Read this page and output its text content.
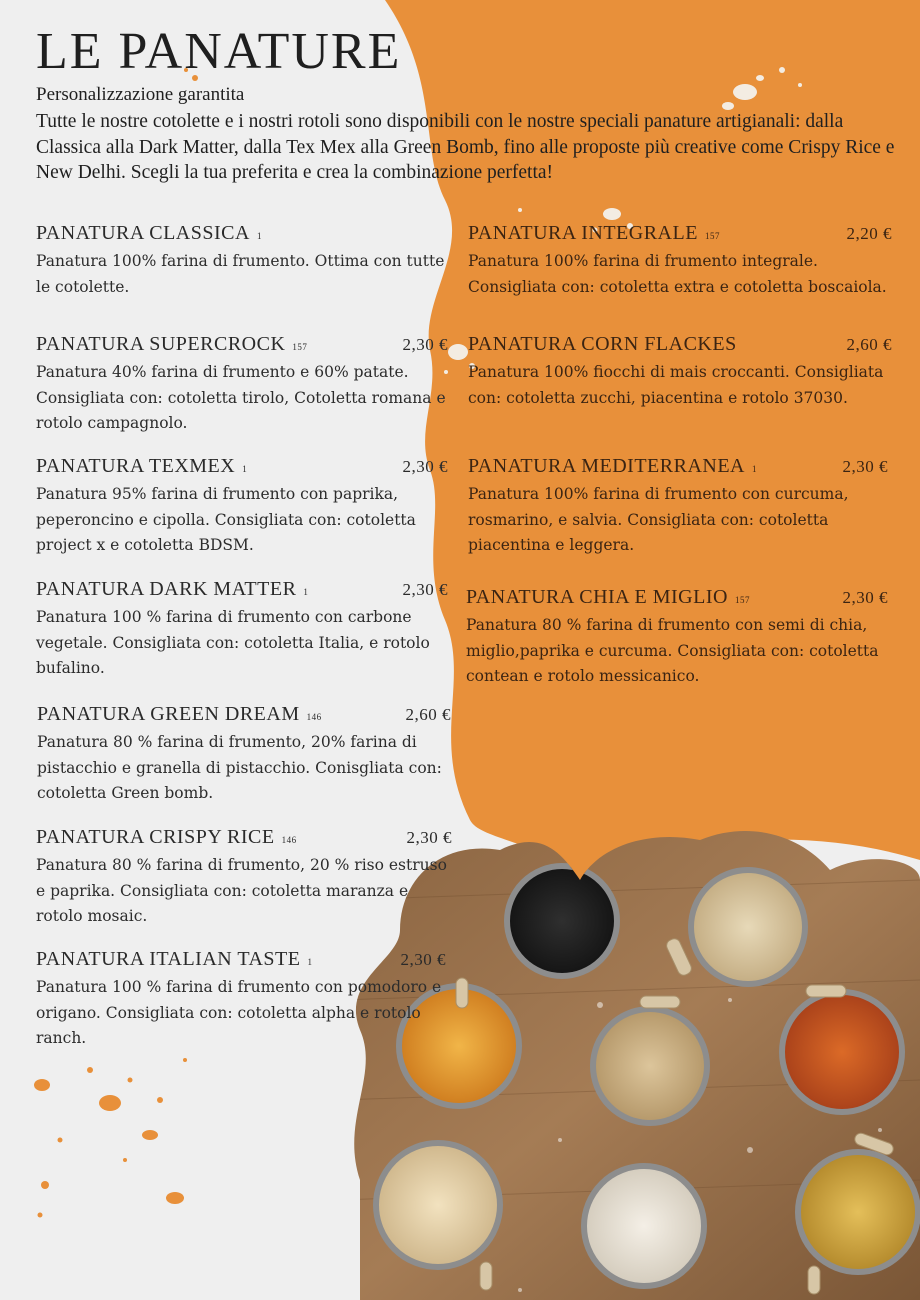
LE PANATURE
Personalizzazione garantita
Tutte le nostre cotolette e i nostri rotoli sono disponibili con le nostre speciali panature artigianali: dalla Classica alla Dark Matter, dalla Tex Mex alla Green Bomb, fino alle proposte più creative come Crispy Rice e New Delhi. Scegli la tua preferita e crea la combinazione perfetta!
PANATURA CLASSICA 1
Panatura 100% farina di frumento. Ottima con tutte le cotolette.
PANATURA SUPERCROCK 157	2,30 €
Panatura 40% farina di frumento e 60% patate. Consigliata con: cotoletta tirolo, Cotoletta romana e rotolo campagnolo.
PANATURA TEXMEX 1	2,30 €
Panatura 95% farina di frumento con paprika, peperoncino e cipolla. Consigliata con: cotoletta project x e cotoletta BDSM.
PANATURA DARK MATTER 1	2,30 €
Panatura 100 % farina di frumento con carbone vegetale. Consigliata con: cotoletta Italia, e rotolo bufalino.
PANATURA GREEN DREAM 146	2,60 €
Panatura 80 % farina di frumento, 20% farina di pistacchio e granella di pistacchio. Conisgliata con: cotoletta Green bomb.
PANATURA CRISPY RICE 146	2,30 €
Panatura 80 % farina di frumento, 20 % riso estruso e paprika. Consigliata con: cotoletta maranza e rotolo mosaic.
PANATURA ITALIAN TASTE 1	2,30 €
Panatura 100 % farina di frumento con pomodoro e origano. Consigliata con: cotoletta alpha e rotolo ranch.
PANATURA INTEGRALE 157	2,20 €
Panatura 100% farina di frumento integrale. Consigliata con: cotoletta extra e cotoletta boscaiola.
PANATURA CORN FLACKES	2,60 €
Panatura 100% fiocchi di mais croccanti. Consigliata con: cotoletta zucchi, piacentina e rotolo 37030.
PANATURA MEDITERRANEA 1	2,30 €
Panatura 100% farina di frumento con curcuma, rosmarino, e salvia. Consigliata con: cotoletta piacentina e leggera.
PANATURA CHIA E MIGLIO 157	2,30 €
Panatura 80 % farina di frumento con semi di chia, miglio,paprika e curcuma. Consigliata con: cotoletta contean e rotolo messicanico.
